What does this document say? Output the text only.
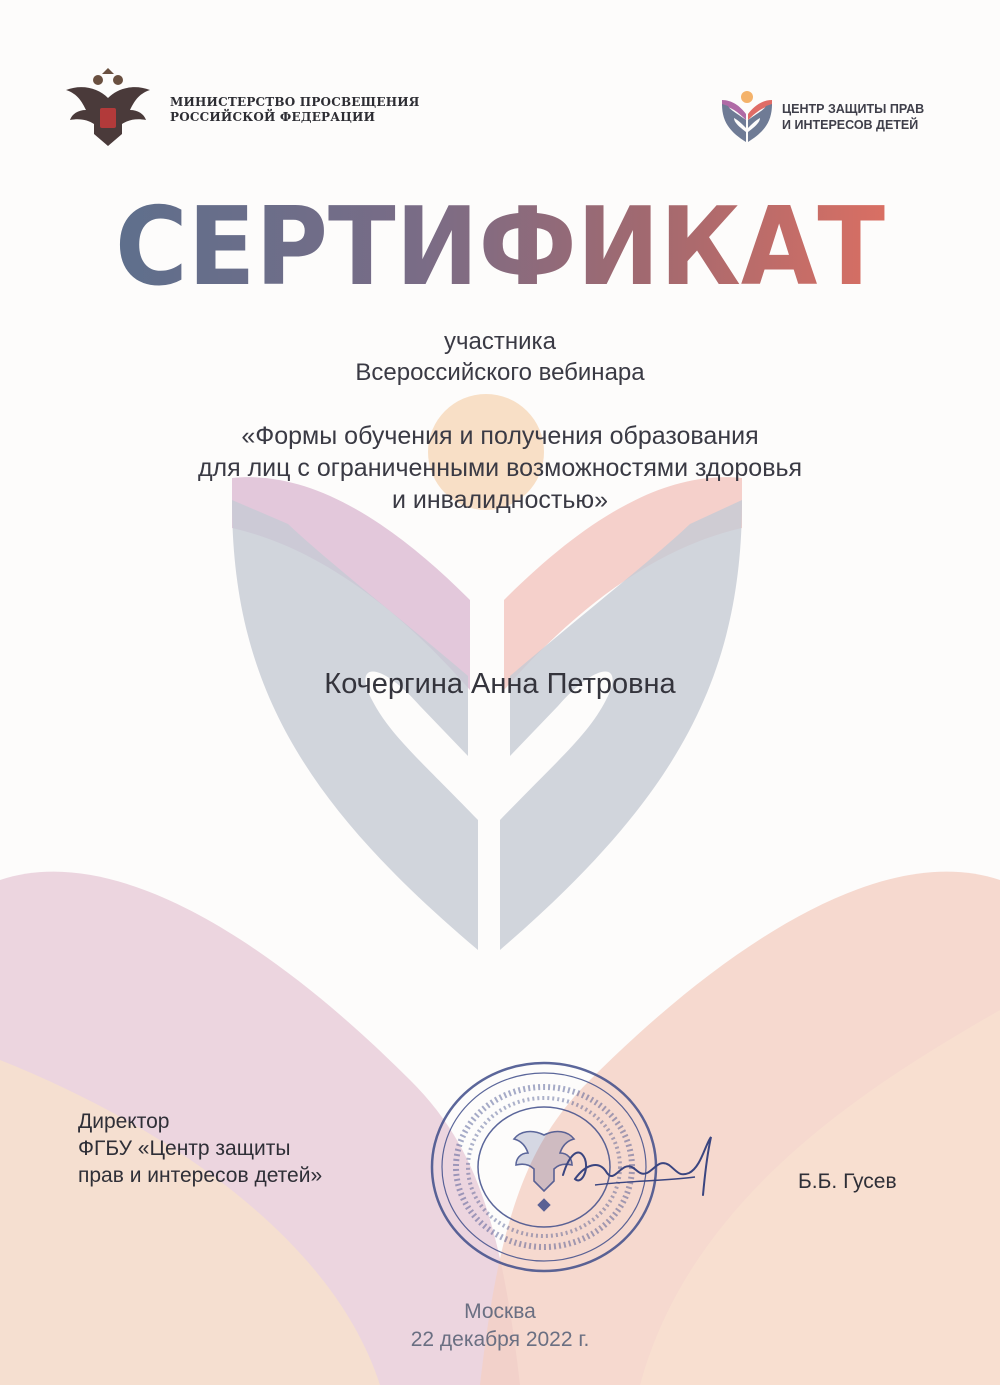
МИНИСТЕРСТВО ПРОСВЕЩЕНИЯ
РОССИЙСКОЙ ФЕДЕРАЦИИ
ЦЕНТР ЗАЩИТЫ ПРАВ
И ИНТЕРЕСОВ ДЕТЕЙ
СЕРТИФИКАТ
участника
Всероссийского вебинара
«Формы обучения и получения образования
для лиц с ограниченными возможностями здоровья
и инвалидностью»
Кочергина Анна Петровна
Директор
ФГБУ «Центр защиты
прав и интересов детей»	Б.Б. Гусев
Москва
22 декабря 2022 г.
